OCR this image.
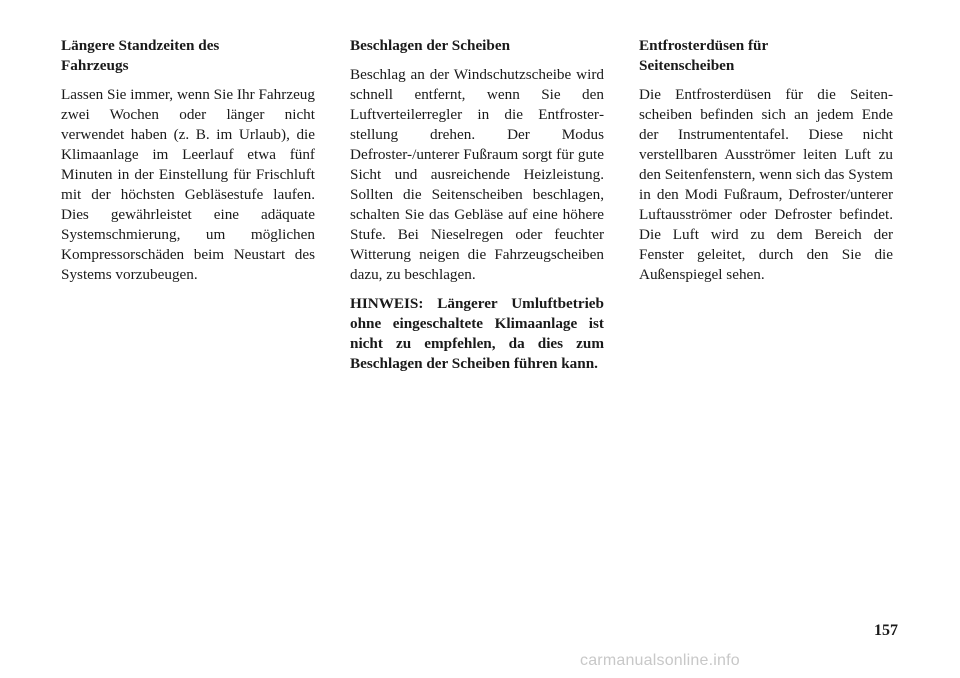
Längere Standzeiten des Fahrzeugs

Lassen Sie immer, wenn Sie Ihr Fahrzeug zwei Wochen oder länger nicht verwendet haben (z. B. im Urlaub), die Klimaanlage im Leerlauf etwa fünf Minuten in der Einstellung für Frischluft mit der höchsten Gebläsestufe laufen. Dies gewährleistet eine adäquate Systemschmierung, um möglichen Kompressorschäden beim Neustart des Systems vorzubeugen.

Beschlagen der Scheiben

Beschlag an der Windschutzscheibe wird schnell entfernt, wenn Sie den Luftverteilerregler in die Entfrosterstellung drehen. Der Modus Defroster-/unterer Fußraum sorgt für gute Sicht und ausreichende Heizleistung. Sollten die Seitenscheiben beschlagen, schalten Sie das Gebläse auf eine höhere Stufe. Bei Nieselregen oder feuchter Witterung neigen die Fahrzeugscheiben dazu, zu beschlagen.

HINWEIS: Längerer Umluftbetrieb ohne eingeschaltete Klimaanlage ist nicht zu empfehlen, da dies zum Beschlagen der Scheiben führen kann.

Entfrosterdüsen für Seitenscheiben

Die Entfrosterdüsen für die Seitenscheiben befinden sich an jedem Ende der Instrumententafel. Diese nicht verstellbaren Ausströmer leiten Luft zu den Seitenfenstern, wenn sich das System in den Modi Fußraum, Defroster/unterer Luftausströmer oder Defroster befindet. Die Luft wird zu dem Bereich der Fenster geleitet, durch den Sie die Außenspiegel sehen.

157
carmanualsonline.info
